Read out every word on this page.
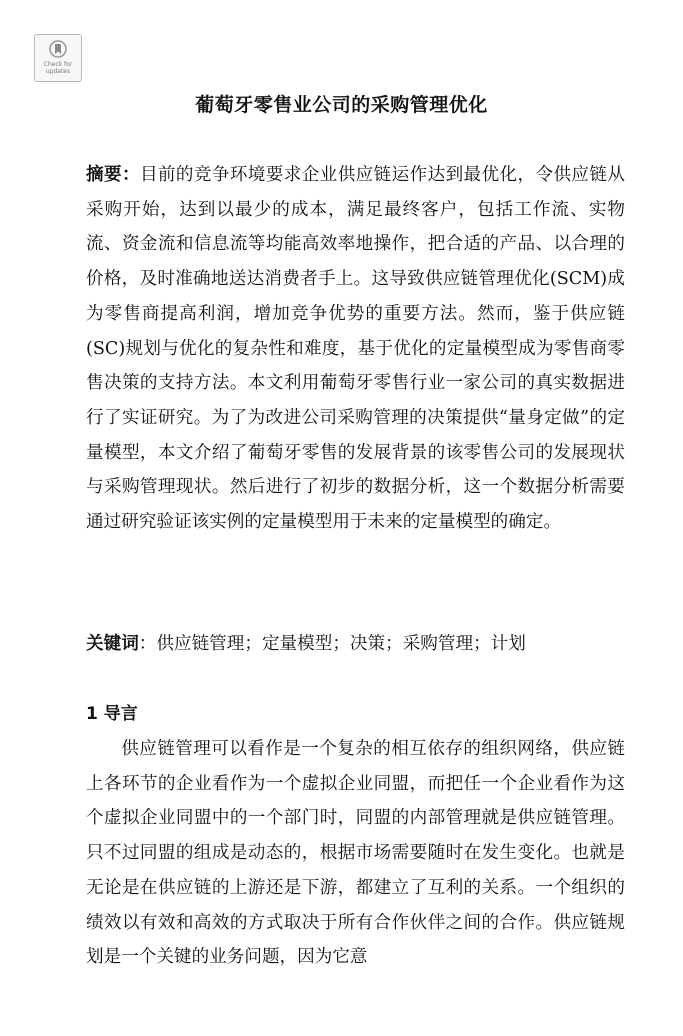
Check for
updates
葡萄牙零售业公司的采购管理优化

摘要：目前的竞争环境要求企业供应链运作达到最优化，令供应链从采购开始，达到以最少的成本，满足最终客户，包括工作流、实物流、资金流和信息流等均能高效率地操作，把合适的产品、以合理的价格，及时准确地送达消费者手上。这导致供应链管理优化(SCM)成为零售商提高利润，增加竞争优势的重要方法。然而，鉴于供应链(SC)规划与优化的复杂性和难度，基于优化的定量模型成为零售商零售决策的支持方法。本文利用葡萄牙零售行业一家公司的真实数据进行了实证研究。为了为改进公司采购管理的决策提供“量身定做”的定量模型，本文介绍了葡萄牙零售的发展背景的该零售公司的发展现状与采购管理现状。然后进行了初步的数据分析，这一个数据分析需要通过研究验证该实例的定量模型用于未来的定量模型的确定。

关键词：供应链管理；定量模型；决策；采购管理；计划

1 导言

供应链管理可以看作是一个复杂的相互依存的组织网络，供应链上各环节的企业看作为一个虚拟企业同盟，而把任一个企业看作为这个虚拟企业同盟中的一个部门时，同盟的内部管理就是供应链管理。只不过同盟的组成是动态的，根据市场需要随时在发生变化。也就是无论是在供应链的上游还是下游，都建立了互利的关系。一个组织的绩效以有效和高效的方式取决于所有合作伙伴之间的合作。供应链规划是一个关键的业务问题，因为它意
